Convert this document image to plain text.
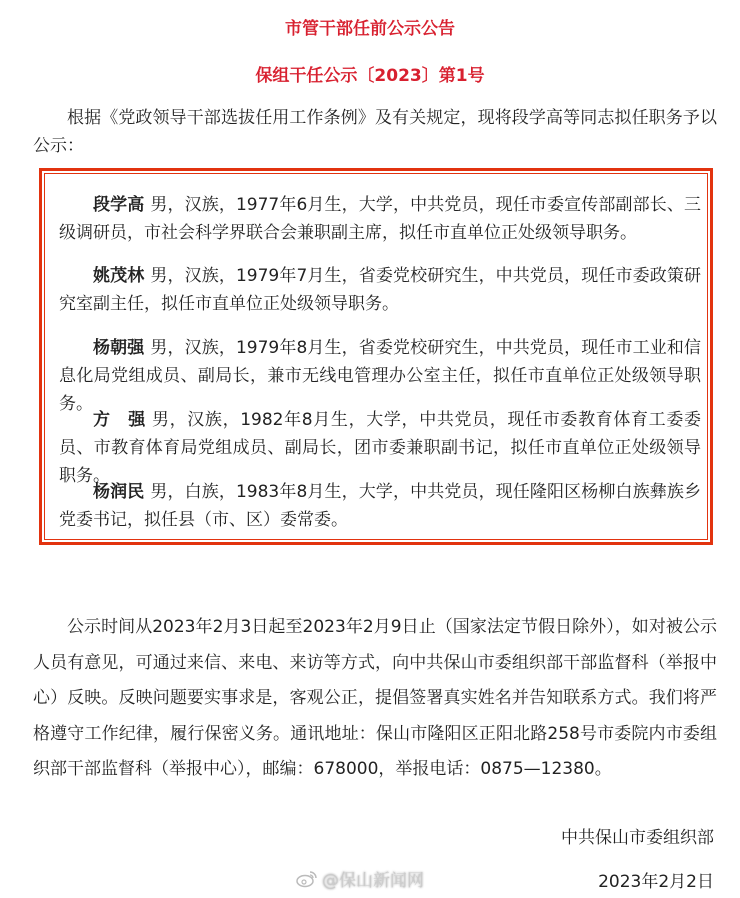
市管干部任前公示公告
保组干任公示〔2023〕第1号
根据《党政领导干部选拔任用工作条例》及有关规定，现将段学高等同志拟任职务予以公示：
段学高 男，汉族，1977年6月生，大学，中共党员，现任市委宣传部副部长、三级调研员，市社会科学界联合会兼职副主席，拟任市直单位正处级领导职务。
姚茂林 男，汉族，1979年7月生，省委党校研究生，中共党员，现任市委政策研究室副主任，拟任市直单位正处级领导职务。
杨朝强 男，汉族，1979年8月生，省委党校研究生，中共党员，现任市工业和信息化局党组成员、副局长，兼市无线电管理办公室主任，拟任市直单位正处级领导职务。
方　强 男，汉族，1982年8月生，大学，中共党员，现任市委教育体育工委委员、市教育体育局党组成员、副局长，团市委兼职副书记，拟任市直单位正处级领导职务。
杨润民 男，白族，1983年8月生，大学，中共党员，现任隆阳区杨柳白族彝族乡党委书记，拟任县（市、区）委常委。
公示时间从2023年2月3日起至2023年2月9日止（国家法定节假日除外），如对被公示人员有意见，可通过来信、来电、来访等方式，向中共保山市委组织部干部监督科（举报中心）反映。反映问题要实事求是，客观公正，提倡签署真实姓名并告知联系方式。我们将严格遵守工作纪律，履行保密义务。通讯地址：保山市隆阳区正阳北路258号市委院内市委组织部干部监督科（举报中心），邮编：678000，举报电话：0875—12380。
中共保山市委组织部
@保山新闻网	2023年2月2日
